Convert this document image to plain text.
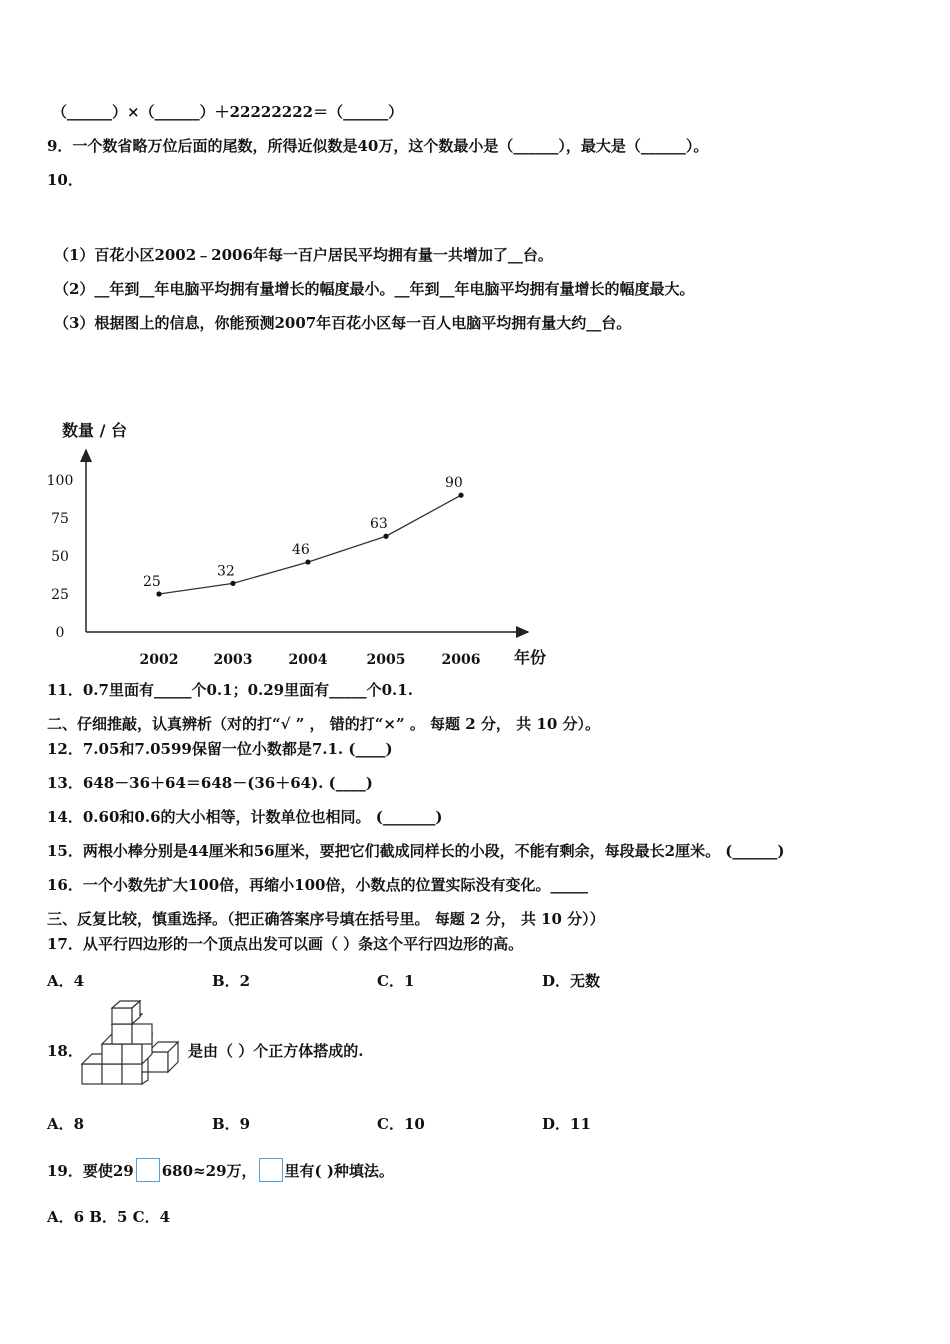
（______）×（______）＋22222222＝（______）
9．一个数省略万位后面的尾数，所得近似数是40万，这个数最小是（______），最大是（______）。
10．
（1）百花小区2002﹣2006年每一百户居民平均拥有量一共增加了__台。
（2）__年到__年电脑平均拥有量增长的幅度最小。__年到__年电脑平均拥有量增长的幅度最大。
（3）根据图上的信息，你能预测2007年百花小区每一百人电脑平均拥有量大约__台。
数量 / 台
年份
0
25
50
75
100
2002	2003	2004	2005	2006
25
32
46
63
90
11．0.7里面有_____个0.1；0.29里面有_____个0.1.
二、仔细推敲，认真辨析（对的打“√ ” ， 错的打“×” 。 每题 2 分， 共 10 分）。
12．7.05和7.0599保留一位小数都是7.1. (____)
13．648－36＋64＝648－(36＋64). (____)
14．0.60和0.6的大小相等，计数单位也相同。 (_______)
15．两根小棒分别是44厘米和56厘米，要把它们截成同样长的小段，不能有剩余，每段最长2厘米。 (______)
16．一个小数先扩大100倍，再缩小100倍，小数点的位置实际没有变化。_____
三、反复比较，慎重选择。（把正确答案序号填在括号里。 每题 2 分， 共 10 分））
17．从平行四边形的一个顶点出发可以画（ ）条这个平行四边形的高。
A．4	B．2	C．1	D．无数
18．	是由（ ）个正方体搭成的.
A．8	B．9	C．10	D．11
19．要使29 680≈29万， 里有( )种填法。
A．6 B．5 C．4
